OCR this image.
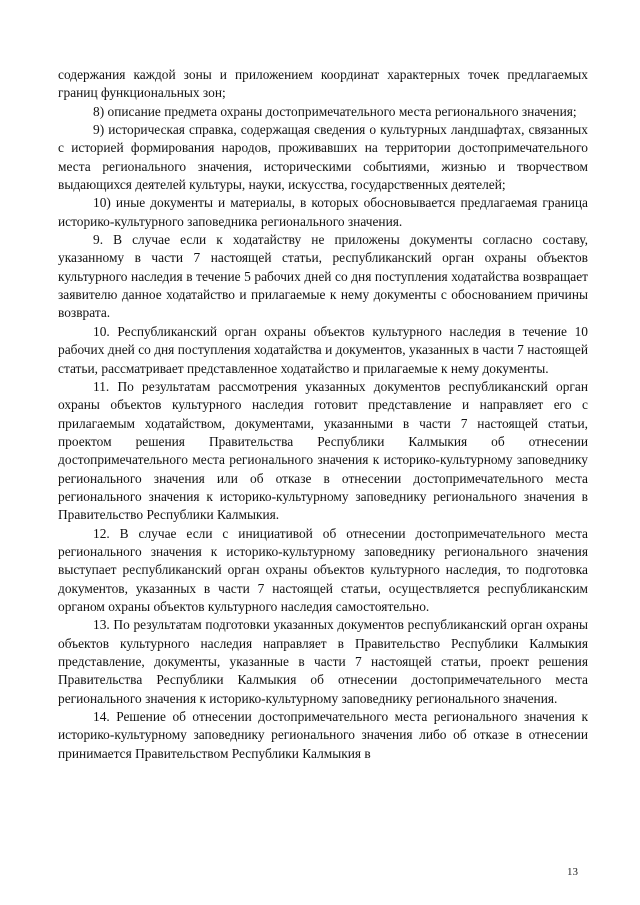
содержания каждой зоны и приложением координат характерных точек предлагаемых границ функциональных зон;

8) описание предмета охраны достопримечательного места регионального значения;

9) историческая справка, содержащая сведения о культурных ландшафтах, связанных с историей формирования народов, проживавших на территории достопримечательного места регионального значения, историческими событиями, жизнью и творчеством выдающихся деятелей культуры, науки, искусства, государственных деятелей;

10) иные документы и материалы, в которых обосновывается предлагаемая граница историко-культурного заповедника регионального значения.

9. В случае если к ходатайству не приложены документы согласно составу, указанному в части 7 настоящей статьи, республиканский орган охраны объектов культурного наследия в течение 5 рабочих дней со дня поступления ходатайства возвращает заявителю данное ходатайство и прилагаемые к нему документы с обоснованием причины возврата.

10. Республиканский орган охраны объектов культурного наследия в течение 10 рабочих дней со дня поступления ходатайства и документов, указанных в части 7 настоящей статьи, рассматривает представленное ходатайство и прилагаемые к нему документы.

11. По результатам рассмотрения указанных документов республиканский орган охраны объектов культурного наследия готовит представление и направляет его с прилагаемым ходатайством, документами, указанными в части 7 настоящей статьи, проектом решения Правительства Республики Калмыкия об отнесении достопримечательного места регионального значения к историко-культурному заповеднику регионального значения или об отказе в отнесении достопримечательного места регионального значения к историко-культурному заповеднику регионального значения в Правительство Республики Калмыкия.

12. В случае если с инициативой об отнесении достопримечательного места регионального значения к историко-культурному заповеднику регионального значения выступает республиканский орган охраны объектов культурного наследия, то подготовка документов, указанных в части 7 настоящей статьи, осуществляется республиканским органом охраны объектов культурного наследия самостоятельно.

13. По результатам подготовки указанных документов республиканский орган охраны объектов культурного наследия направляет в Правительство Республики Калмыкия представление, документы, указанные в части 7 настоящей статьи, проект решения Правительства Республики Калмыкия об отнесении достопримечательного места регионального значения к историко-культурному заповеднику регионального значения.

14. Решение об отнесении достопримечательного места регионального значения к историко-культурному заповеднику регионального значения либо об отказе в отнесении принимается Правительством Республики Калмыкия в

13
